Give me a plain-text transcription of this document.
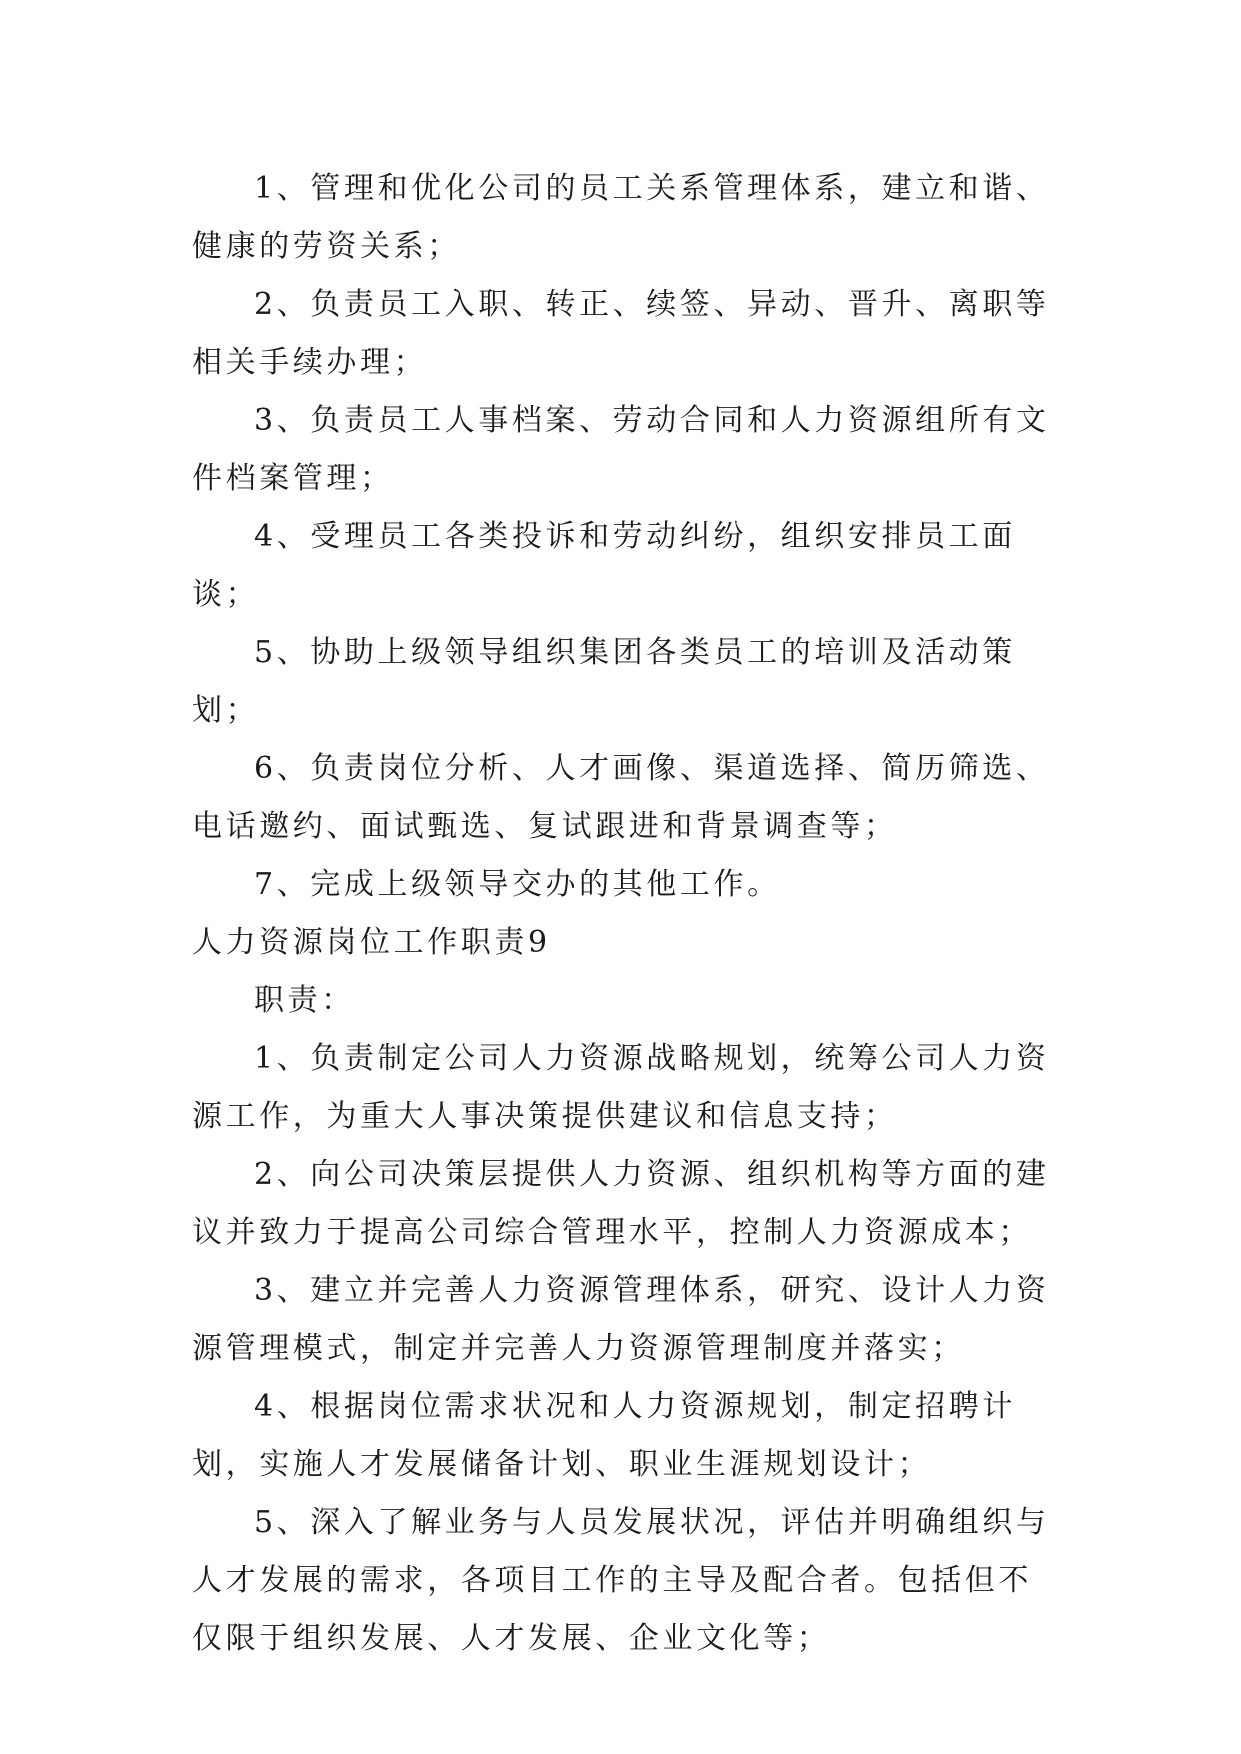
1、管理和优化公司的员工关系管理体系，建立和谐、健康的劳资关系；

2、负责员工入职、转正、续签、异动、晋升、离职等相关手续办理；

3、负责员工人事档案、劳动合同和人力资源组所有文件档案管理；

4、受理员工各类投诉和劳动纠纷，组织安排员工面谈；

5、协助上级领导组织集团各类员工的培训及活动策划；

6、负责岗位分析、人才画像、渠道选择、简历筛选、电话邀约、面试甄选、复试跟进和背景调查等；

7、完成上级领导交办的其他工作。

人力资源岗位工作职责9

职责：

1、负责制定公司人力资源战略规划，统筹公司人力资源工作，为重大人事决策提供建议和信息支持；

2、向公司决策层提供人力资源、组织机构等方面的建议并致力于提高公司综合管理水平，控制人力资源成本；

3、建立并完善人力资源管理体系，研究、设计人力资源管理模式，制定并完善人力资源管理制度并落实；

4、根据岗位需求状况和人力资源规划，制定招聘计划，实施人才发展储备计划、职业生涯规划设计；

5、深入了解业务与人员发展状况，评估并明确组织与人才发展的需求，各项目工作的主导及配合者。包括但不仅限于组织发展、人才发展、企业文化等；
